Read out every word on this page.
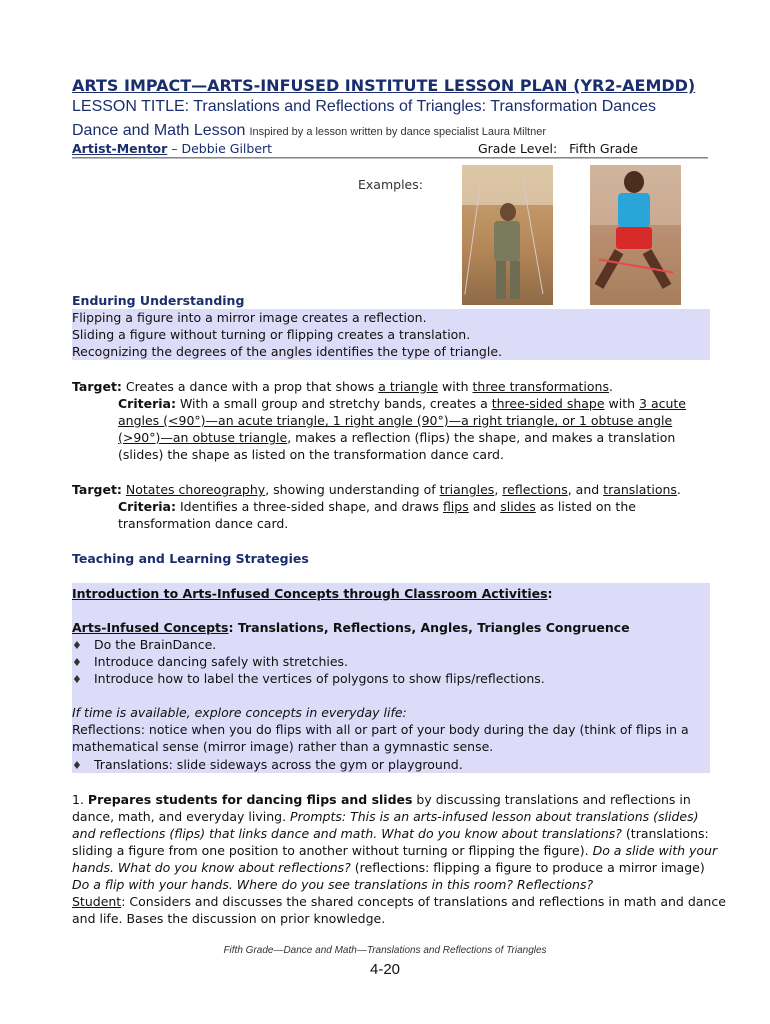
ARTS IMPACT—ARTS-INFUSED INSTITUTE LESSON PLAN (YR2-AEMDD)
LESSON TITLE: Translations and Reflections of Triangles: Transformation Dances
Dance and Math Lesson Inspired by a lesson written by dance specialist Laura Miltner
Artist-Mentor – Debbie Gilbert	Grade Level: Fifth Grade
Examples:
Enduring Understanding
Flipping a figure into a mirror image creates a reflection.
Sliding a figure without turning or flipping creates a translation.
Recognizing the degrees of the angles identifies the type of triangle.
Target: Creates a dance with a prop that shows a triangle with three transformations.
Criteria: With a small group and stretchy bands, creates a three-sided shape with 3 acute
angles (<90°)—an acute triangle, 1 right angle (90°)—a right triangle, or 1 obtuse angle
(>90°)—an obtuse triangle, makes a reflection (flips) the shape, and makes a translation
(slides) the shape as listed on the transformation dance card.
Target: Notates choreography, showing understanding of triangles, reflections, and translations.
Criteria: Identifies a three-sided shape, and draws flips and slides as listed on the
transformation dance card.
Teaching and Learning Strategies
Introduction to Arts-Infused Concepts through Classroom Activities:
Arts-Infused Concepts: Translations, Reflections, Angles, Triangles Congruence
♦ Do the BrainDance.
♦ Introduce dancing safely with stretchies.
♦ Introduce how to label the vertices of polygons to show flips/reflections.
If time is available, explore concepts in everyday life:
Reflections: notice when you do flips with all or part of your body during the day (think of flips in a
mathematical sense (mirror image) rather than a gymnastic sense.
♦ Translations: slide sideways across the gym or playground.
1. Prepares students for dancing flips and slides by discussing translations and reflections in
dance, math, and everyday living. Prompts: This is an arts-infused lesson about translations (slides)
and reflections (flips) that links dance and math. What do you know about translations? (translations:
sliding a figure from one position to another without turning or flipping the figure). Do a slide with your
hands. What do you know about reflections? (reflections: flipping a figure to produce a mirror image)
Do a flip with your hands. Where do you see translations in this room? Reflections?
Student: Considers and discusses the shared concepts of translations and reflections in math and dance
and life. Bases the discussion on prior knowledge.
Fifth Grade—Dance and Math—Translations and Reflections of Triangles
4-20
